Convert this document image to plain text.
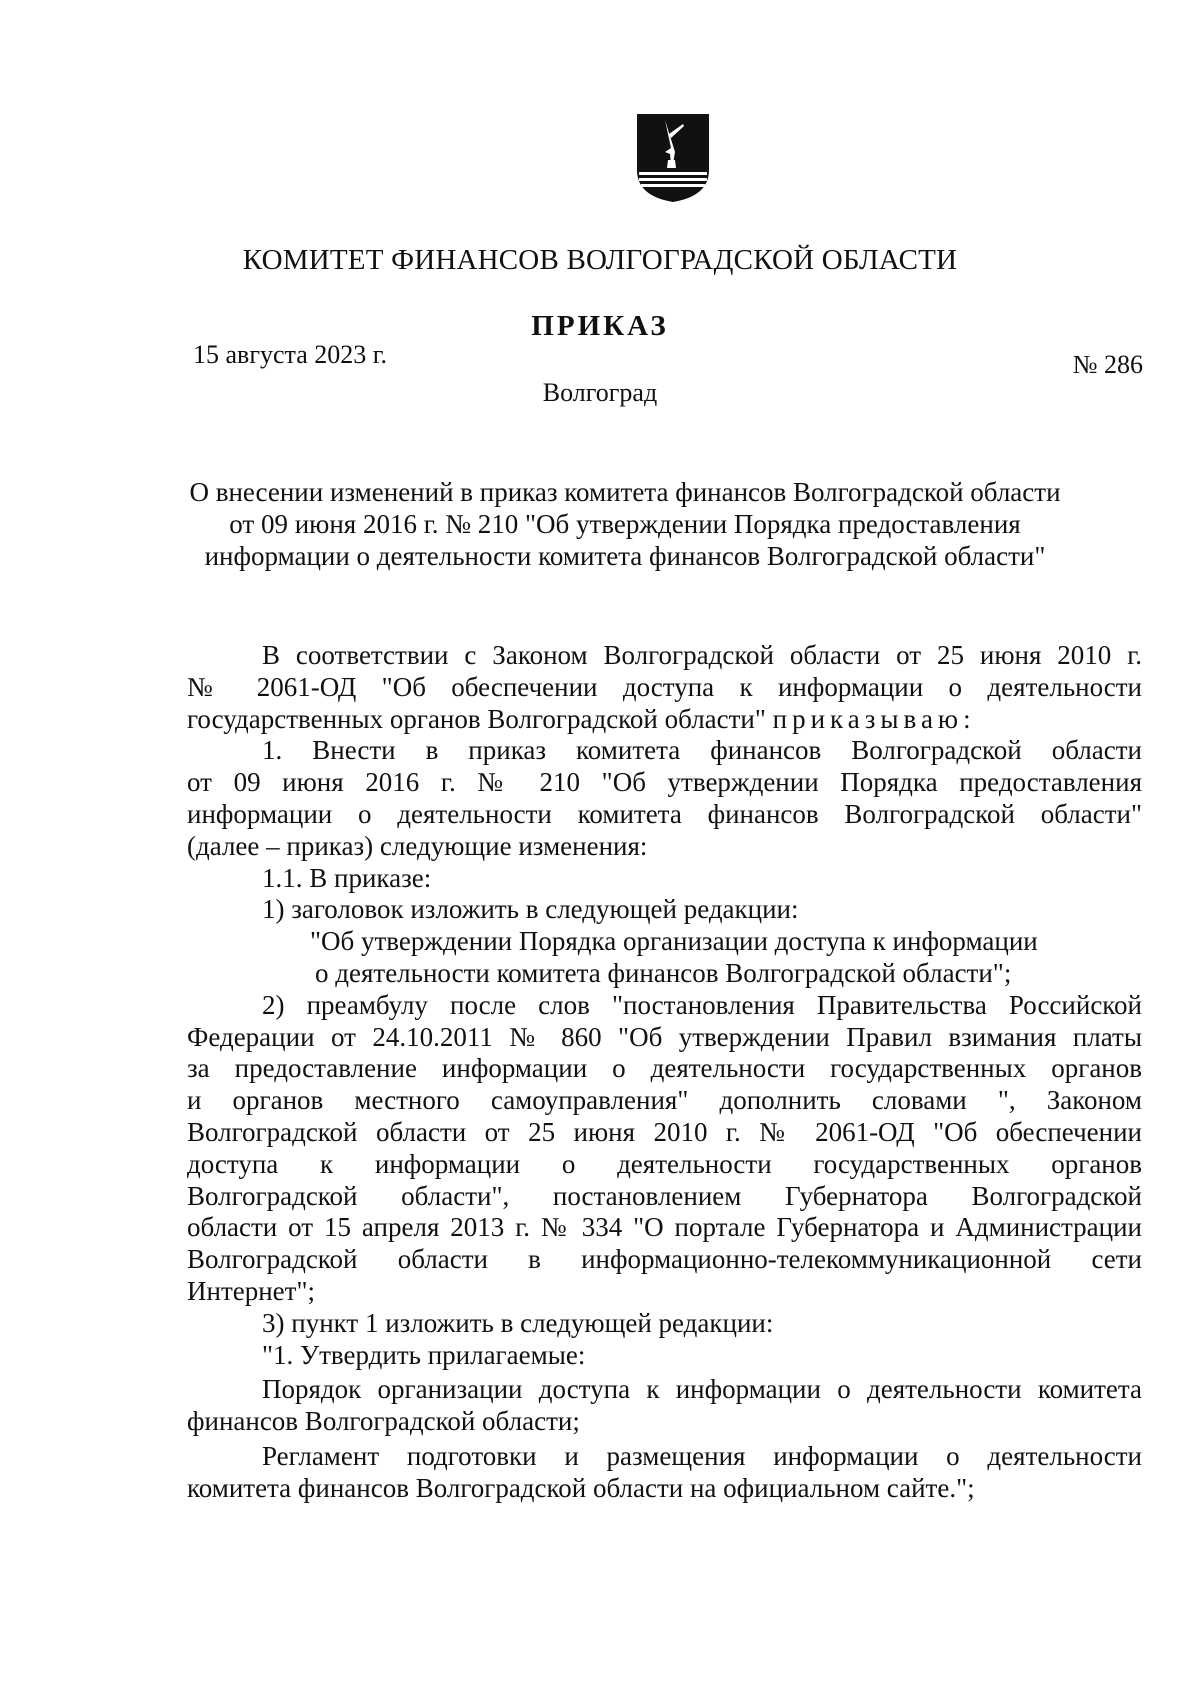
КОМИТЕТ ФИНАНСОВ ВОЛГОГРАДСКОЙ ОБЛАСТИ
ПРИКАЗ
15 августа 2023 г.	№ 286
Волгоград
О внесении изменений в приказ комитета финансов Волгоградской области
от 09 июня 2016 г. № 210 "Об утверждении Порядка предоставления
информации о деятельности комитета финансов Волгоградской области"
В соответствии с Законом Волгоградской области от 25 июня 2010 г.
№ 2061-ОД "Об обеспечении доступа к информации о деятельности
государственных органов Волгоградской области" приказываю:
1. Внести в приказ комитета финансов Волгоградской области
от 09 июня 2016 г. № 210 "Об утверждении Порядка предоставления
информации о деятельности комитета финансов Волгоградской области"
(далее – приказ) следующие изменения:
1.1. В приказе:
1) заголовок изложить в следующей редакции:
"Об утверждении Порядка организации доступа к информации
о деятельности комитета финансов Волгоградской области";
2) преамбулу после слов "постановления Правительства Российской
Федерации от 24.10.2011 № 860 "Об утверждении Правил взимания платы
за предоставление информации о деятельности государственных органов
и органов местного самоуправления" дополнить словами ", Законом
Волгоградской области от 25 июня 2010 г. № 2061-ОД "Об обеспечении
доступа к информации о деятельности государственных органов
Волгоградской области", постановлением Губернатора Волгоградской
области от 15 апреля 2013 г. № 334 "О портале Губернатора и Администрации
Волгоградской области в информационно-телекоммуникационной сети
Интернет";
3) пункт 1 изложить в следующей редакции:
"1. Утвердить прилагаемые:
Порядок организации доступа к информации о деятельности комитета
финансов Волгоградской области;
Регламент подготовки и размещения информации о деятельности
комитета финансов Волгоградской области на официальном сайте.";
